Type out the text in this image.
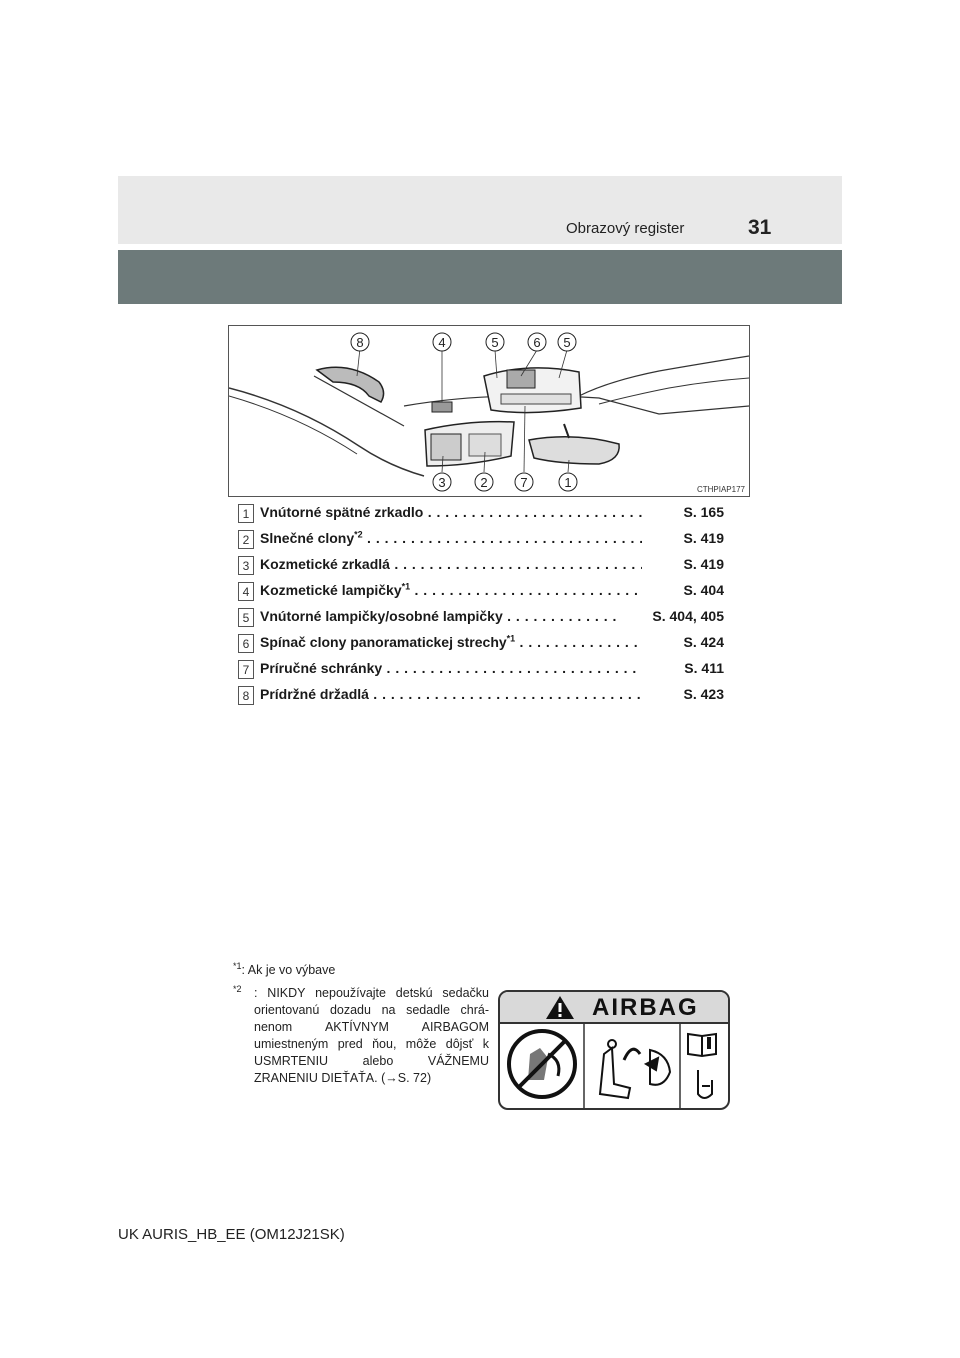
Obrazový register	31
8	4	5	6 5
3	2	7	1	CTHPIAP177
1 Vnútorné spätné zrkadlo . . .	S. 165
2 Slnečné clony$^{*2}$ . . .	S. 419
3 Kozmetické zrkadlá . . .	S. 419
4 Kozmetické lampičky$^{*1}$ . . .	S. 404
5 Vnútorné lampičky/osobné lampičky . . .	S. 404, 405
6 Spínač clony panoramatickej strechy$^{*1}$ . . .	S. 424
7 Príručné schránky . . .	S. 411
8 Prídržné držadlá . . .	S. 423
$^{*1}$: Ak je vo výbave
$^{*2}$ : NIKDY nepoužívajte detskú sedačku orientovanú dozadu na sedadle chrá-nenom AKTÍVNYM AIRBAGOM umiestneným pred ňou, môže dôjsť k USMRTENIU alebo VÁŽNEMU ZRANENIU DIEŤAŤA. (→S. 72)
AIRBAG
UK AURIS_HB_EE (OM12J21SK)
